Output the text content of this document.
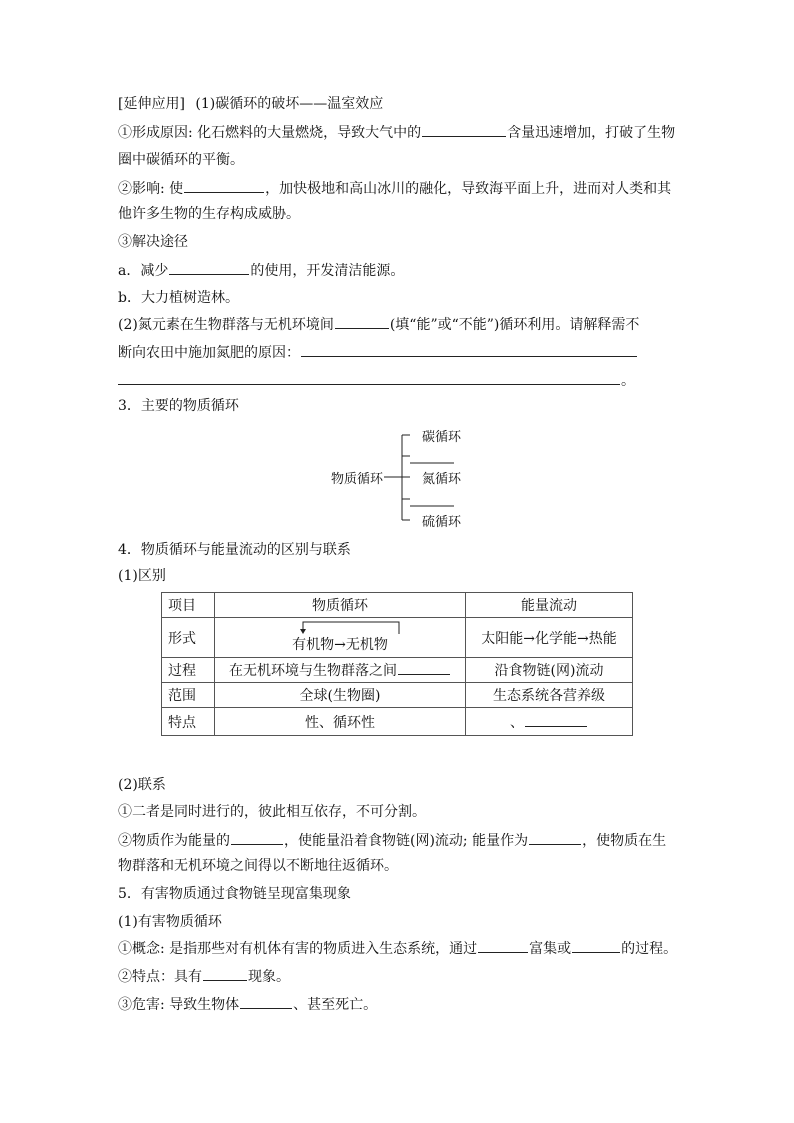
[延伸应用] (1)碳循环的破坏——温室效应
①形成原因: 化石燃料的大量燃烧，导致大气中的	含量迅速增加，打破了生物
圈中碳循环的平衡。
②影响: 使	，加快极地和高山冰川的融化，导致海平面上升，进而对人类和其
他许多生物的生存构成威胁。
③解决途径
a．减少	的使用，开发清洁能源。
b．大力植树造林。
(2)氮元素在生物群落与无机环境间	(填“能”或“不能”)循环利用。请解释需不
断向农田中施加氮肥的原因：
。
3．主要的物质循环
物质循环
碳循环
氮循环
硫循环
4．物质循环与能量流动的区别与联系
(1)区别
项目	物质循环	能量流动
形式	有机物→无机物	太阳能→化学能→热能
过程	在无机环境与生物群落之间	沿食物链(网)流动
范围	全球(生物圈)	生态系统各营养级
特点	性、循环性	、
(2)联系
①二者是同时进行的，彼此相互依存，不可分割。
②物质作为能量的	，使能量沿着食物链(网)流动; 能量作为	，使物质在生
物群落和无机环境之间得以不断地往返循环。
5．有害物质通过食物链呈现富集现象
(1)有害物质循环
①概念: 是指那些对有机体有害的物质进入生态系统，通过	富集或	的过程。
②特点：具有	现象。
③危害: 导致生物体	、甚至死亡。
